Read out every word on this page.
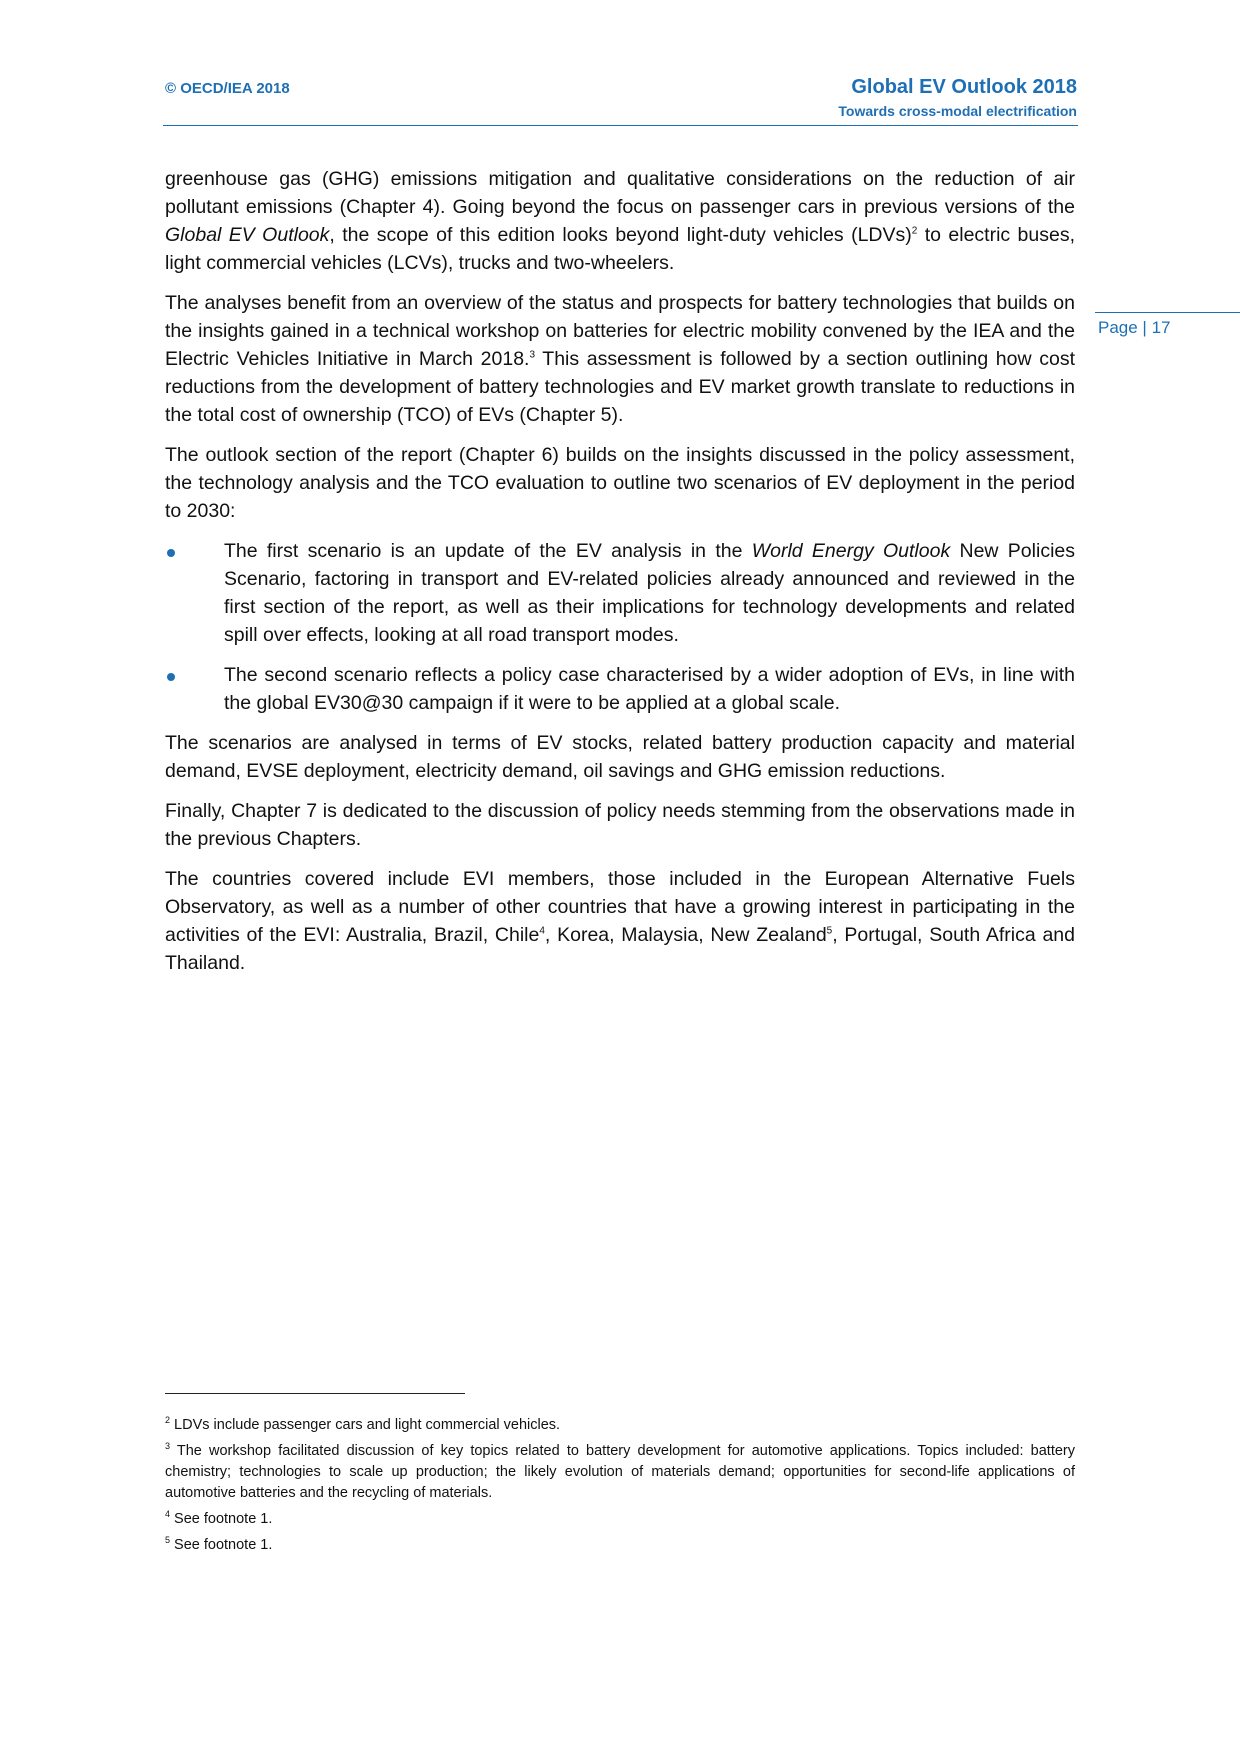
© OECD/IEA 2018	Global EV Outlook 2018
Towards cross-modal electrification
Page | 17

greenhouse gas (GHG) emissions mitigation and qualitative considerations on the reduction of air pollutant emissions (Chapter 4). Going beyond the focus on passenger cars in previous versions of the Global EV Outlook, the scope of this edition looks beyond light-duty vehicles (LDVs)$^2$ to electric buses, light commercial vehicles (LCVs), trucks and two-wheelers.

The analyses benefit from an overview of the status and prospects for battery technologies that builds on the insights gained in a technical workshop on batteries for electric mobility convened by the IEA and the Electric Vehicles Initiative in March 2018.$^3$ This assessment is followed by a section outlining how cost reductions from the development of battery technologies and EV market growth translate to reductions in the total cost of ownership (TCO) of EVs (Chapter 5).

The outlook section of the report (Chapter 6) builds on the insights discussed in the policy assessment, the technology analysis and the TCO evaluation to outline two scenarios of EV deployment in the period to 2030:

The first scenario is an update of the EV analysis in the World Energy Outlook New Policies Scenario, factoring in transport and EV-related policies already announced and reviewed in the first section of the report, as well as their implications for technology developments and related spill over effects, looking at all road transport modes.
The second scenario reflects a policy case characterised by a wider adoption of EVs, in line with the global EV30@30 campaign if it were to be applied at a global scale.

The scenarios are analysed in terms of EV stocks, related battery production capacity and material demand, EVSE deployment, electricity demand, oil savings and GHG emission reductions.

Finally, Chapter 7 is dedicated to the discussion of policy needs stemming from the observations made in the previous Chapters.

The countries covered include EVI members, those included in the European Alternative Fuels Observatory, as well as a number of other countries that have a growing interest in participating in the activities of the EVI: Australia, Brazil, Chile$^4$, Korea, Malaysia, New Zealand$^5$, Portugal, South Africa and Thailand.

$^2$ LDVs include passenger cars and light commercial vehicles.

$^3$ The workshop facilitated discussion of key topics related to battery development for automotive applications. Topics included: battery chemistry; technologies to scale up production; the likely evolution of materials demand; opportunities for second-life applications of automotive batteries and the recycling of materials.

$^4$ See footnote 1.

$^5$ See footnote 1.
